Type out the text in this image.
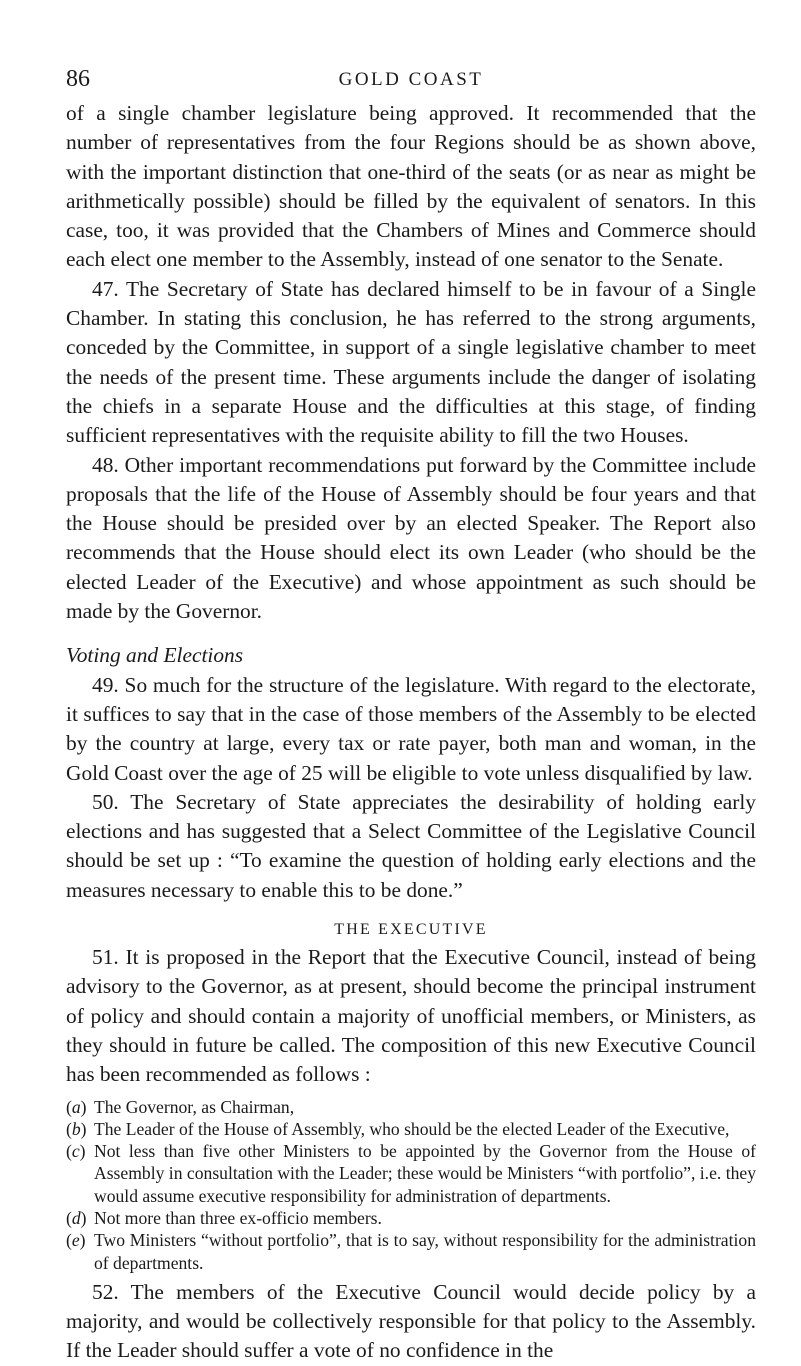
86	GOLD COAST

of a single chamber legislature being approved. It recommended that the number of representatives from the four Regions should be as shown above, with the important distinction that one-third of the seats (or as near as might be arithmetically possible) should be filled by the equivalent of senators. In this case, too, it was provided that the Chambers of Mines and Commerce should each elect one member to the Assembly, instead of one senator to the Senate.

47. The Secretary of State has declared himself to be in favour of a Single Chamber. In stating this conclusion, he has referred to the strong arguments, conceded by the Committee, in support of a single legislative chamber to meet the needs of the present time. These arguments include the danger of isolating the chiefs in a separate House and the difficulties at this stage, of finding sufficient representatives with the requisite ability to fill the two Houses.

48. Other important recommendations put forward by the Committee include proposals that the life of the House of Assembly should be four years and that the House should be presided over by an elected Speaker. The Report also recommends that the House should elect its own Leader (who should be the elected Leader of the Executive) and whose appointment as such should be made by the Governor.

Voting and Elections

49. So much for the structure of the legislature. With regard to the electorate, it suffices to say that in the case of those members of the Assembly to be elected by the country at large, every tax or rate payer, both man and woman, in the Gold Coast over the age of 25 will be eligible to vote unless disqualified by law.

50. The Secretary of State appreciates the desirability of holding early elections and has suggested that a Select Committee of the Legislative Council should be set up : “To examine the question of holding early elections and the measures necessary to enable this to be done.”

THE EXECUTIVE

51. It is proposed in the Report that the Executive Council, instead of being advisory to the Governor, as at present, should become the principal instrument of policy and should contain a majority of unofficial members, or Ministers, as they should in future be called. The composition of this new Executive Council has been recommended as follows :

(a) The Governor, as Chairman,
(b) The Leader of the House of Assembly, who should be the elected Leader of the Executive,
(c) Not less than five other Ministers to be appointed by the Governor from the House of Assembly in consultation with the Leader; these would be Ministers “with portfolio”, i.e. they would assume executive responsibility for administration of departments.
(d) Not more than three ex-officio members.
(e) Two Ministers “without portfolio”, that is to say, without responsibility for the administration of departments.

52. The members of the Executive Council would decide policy by a majority, and would be collectively responsible for that policy to the Assembly. If the Leader should suffer a vote of no confidence in the
